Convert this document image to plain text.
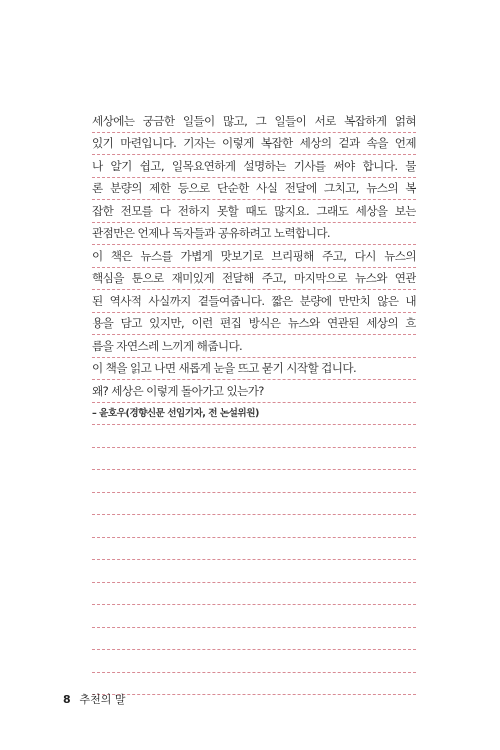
세상에는 궁금한 일들이 많고, 그 일들이 서로 복잡하게 얽혀
있기 마련입니다. 기자는 이렇게 복잡한 세상의 겉과 속을 언제
나 알기 쉽고, 일목요연하게 설명하는 기사를 써야 합니다. 물
론 분량의 제한 등으로 단순한 사실 전달에 그치고, 뉴스의 복
잡한 전모를 다 전하지 못할 때도 많지요. 그래도 세상을 보는
관점만은 언제나 독자들과 공유하려고 노력합니다.
이 책은 뉴스를 가볍게 맛보기로 브리핑해 주고, 다시 뉴스의
핵심을 툰으로 재미있게 전달해 주고, 마지막으로 뉴스와 연관
된 역사적 사실까지 곁들여줍니다. 짧은 분량에 만만치 않은 내
용을 담고 있지만, 이런 편집 방식은 뉴스와 연관된 세상의 흐
름을 자연스레 느끼게 해줍니다.
이 책을 읽고 나면 새롭게 눈을 뜨고 묻기 시작할 겁니다.
왜? 세상은 이렇게 돌아가고 있는가?
– 윤호우(경향신문 선임기자, 전 논설위원)
8 추천의 말
